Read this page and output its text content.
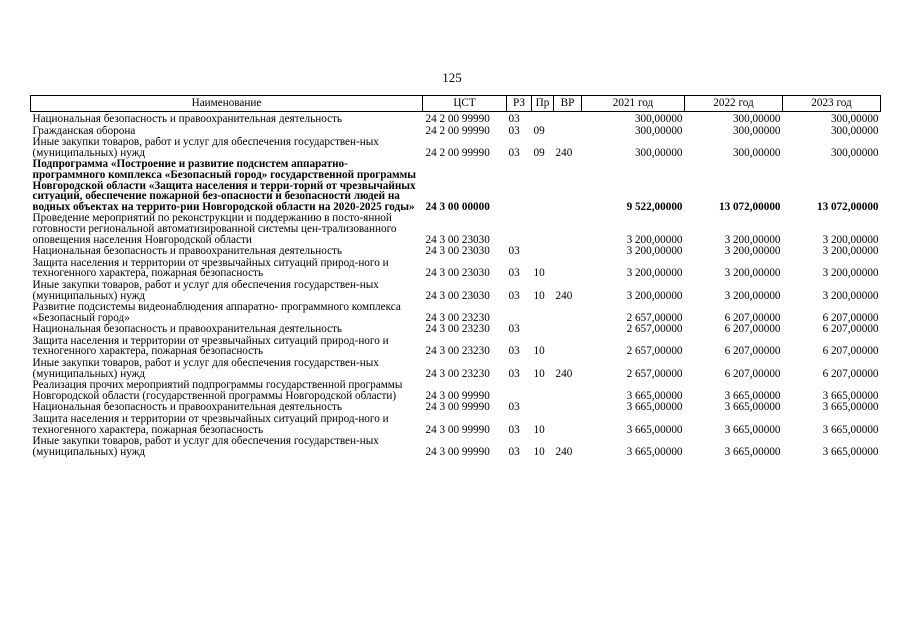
125
Наименование	ЦСТ	РЗ	Пр	ВР	2021 год	2022 год	2023 год
Национальная безопасность и правоохранительная деятельность	24 2 00 99990	03			300,00000	300,00000	300,00000
Гражданская оборона	24 2 00 99990	03	09		300,00000	300,00000	300,00000
Иные закупки товаров, работ и услуг для обеспечения государствен-ных (муниципальных) нужд	24 2 00 99990	03	09	240	300,00000	300,00000	300,00000
Подпрограмма «Построение и развитие подсистем аппаратно-программного комплекса «Безопасный город» государственной программы Новгородской области «Защита населения и терри-торий от чрезвычайных ситуаций, обеспечение пожарной без-опасности и безопасности людей на водных объектах на террито-рии Новгородской области на 2020-2025 годы»	24 3 00 00000				9 522,00000	13 072,00000	13 072,00000
Проведение мероприятий по реконструкции и поддержанию в посто-янной готовности региональной автоматизированной системы цен-трализованного оповещения населения Новгородской области	24 3 00 23030				3 200,00000	3 200,00000	3 200,00000
Национальная безопасность и правоохранительная деятельность	24 3 00 23030	03			3 200,00000	3 200,00000	3 200,00000
Защита населения и территории от чрезвычайных ситуаций природ-ного и техногенного характера, пожарная безопасность	24 3 00 23030	03	10		3 200,00000	3 200,00000	3 200,00000
Иные закупки товаров, работ и услуг для обеспечения государствен-ных (муниципальных) нужд	24 3 00 23030	03	10	240	3 200,00000	3 200,00000	3 200,00000
Развитие подсистемы видеонаблюдения аппаратно- программного комплекса «Безопасный город»	24 3 00 23230				2 657,00000	6 207,00000	6 207,00000
Национальная безопасность и правоохранительная деятельность	24 3 00 23230	03			2 657,00000	6 207,00000	6 207,00000
Защита населения и территории от чрезвычайных ситуаций природ-ного и техногенного характера, пожарная безопасность	24 3 00 23230	03	10		2 657,00000	6 207,00000	6 207,00000
Иные закупки товаров, работ и услуг для обеспечения государствен-ных (муниципальных) нужд	24 3 00 23230	03	10	240	2 657,00000	6 207,00000	6 207,00000
Реализация прочих мероприятий подпрограммы государственной программы Новгородской области (государственной программы Новгородской области)	24 3 00 99990				3 665,00000	3 665,00000	3 665,00000
Национальная безопасность и правоохранительная деятельность	24 3 00 99990	03			3 665,00000	3 665,00000	3 665,00000
Защита населения и территории от чрезвычайных ситуаций природ-ного и техногенного характера, пожарная безопасность	24 3 00 99990	03	10		3 665,00000	3 665,00000	3 665,00000
Иные закупки товаров, работ и услуг для обеспечения государствен-ных (муниципальных) нужд	24 3 00 99990	03	10	240	3 665,00000	3 665,00000	3 665,00000
